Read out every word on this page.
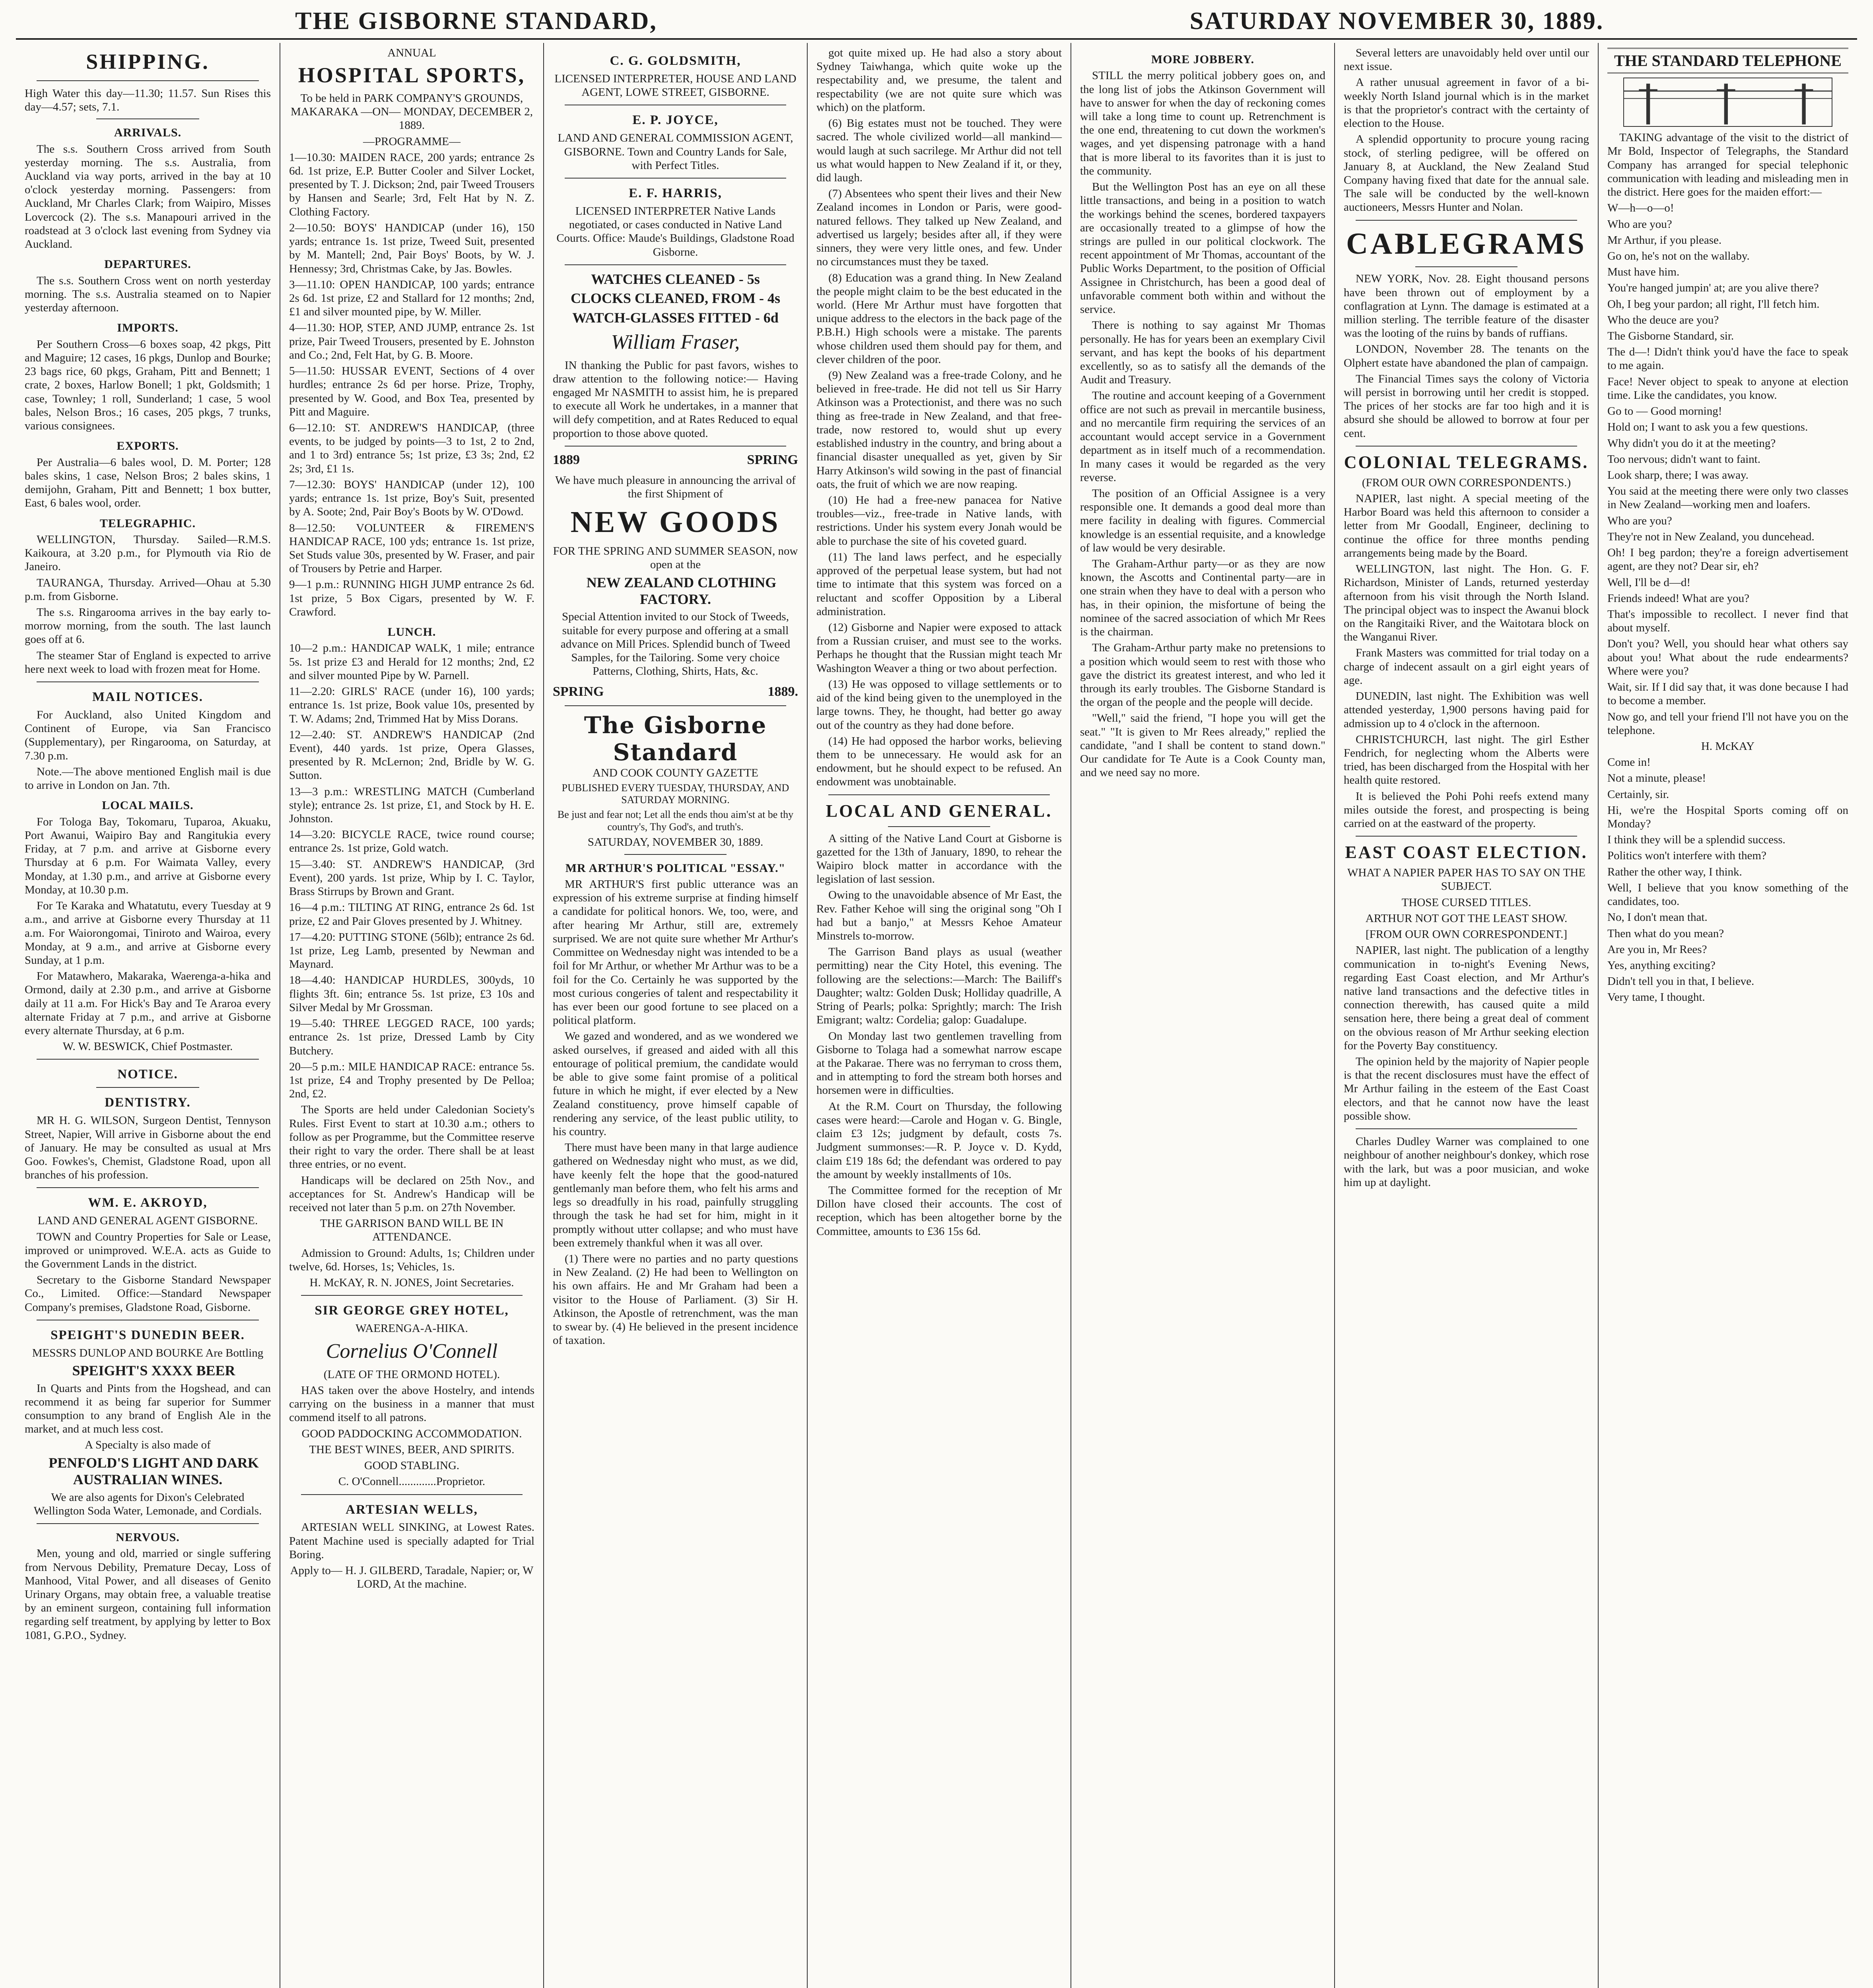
THE GISBORNE STANDARD,	SATURDAY NOVEMBER 30, 1889.
SHIPPING.

High Water this day—11.30; 11.57. Sun Rises this day—4.57; sets, 7.1.

ARRIVALS.

The s.s. Southern Cross arrived from South yesterday morning. The s.s. Australia, from Auckland via way ports, arrived in the bay at 10 o'clock yesterday morning. Passengers: from Auckland, Mr Charles Clark; from Waipiro, Misses Lovercock (2). The s.s. Manapouri arrived in the roadstead at 3 o'clock last evening from Sydney via Auckland.

DEPARTURES.

The s.s. Southern Cross went on north yesterday morning. The s.s. Australia steamed on to Napier yesterday afternoon.

IMPORTS.

Per Southern Cross—6 boxes soap, 42 pkgs, Pitt and Maguire; 12 cases, 16 pkgs, Dunlop and Bourke; 23 bags rice, 60 pkgs, Graham, Pitt and Bennett; 1 crate, 2 boxes, Harlow Bonell; 1 pkt, Goldsmith; 1 case, Townley; 1 roll, Sunderland; 1 case, 5 wool bales, Nelson Bros.; 16 cases, 205 pkgs, 7 trunks, various consignees.

EXPORTS.

Per Australia—6 bales wool, D. M. Porter; 128 bales skins, 1 case, Nelson Bros; 2 bales skins, 1 demijohn, Graham, Pitt and Bennett; 1 box butter, East, 6 bales wool, order.

TELEGRAPHIC.

WELLINGTON, Thursday. Sailed—R.M.S. Kaikoura, at 3.20 p.m., for Plymouth via Rio de Janeiro.

TAURANGA, Thursday. Arrived—Ohau at 5.30 p.m. from Gisborne.

The s.s. Ringarooma arrives in the bay early to-morrow morning, from the south. The last launch goes off at 6.

The steamer Star of England is expected to arrive here next week to load with frozen meat for Home.

MAIL NOTICES.

For Auckland, also United Kingdom and Continent of Europe, via San Francisco (Supplementary), per Ringarooma, on Saturday, at 7.30 p.m.

Note.—The above mentioned English mail is due to arrive in London on Jan. 7th.

LOCAL MAILS.

For Tologa Bay, Tokomaru, Tuparoa, Akuaku, Port Awanui, Waipiro Bay and Rangitukia every Friday, at 7 p.m. and arrive at Gisborne every Thursday at 6 p.m. For Waimata Valley, every Monday, at 1.30 p.m., and arrive at Gisborne every Monday, at 10.30 p.m.

For Te Karaka and Whatatutu, every Tuesday at 9 a.m., and arrive at Gisborne every Thursday at 11 a.m. For Waiorongomai, Tiniroto and Wairoa, every Monday, at 9 a.m., and arrive at Gisborne every Sunday, at 1 p.m.

For Matawhero, Makaraka, Waerenga-a-hika and Ormond, daily at 2.30 p.m., and arrive at Gisborne daily at 11 a.m. For Hick's Bay and Te Araroa every alternate Friday at 7 p.m., and arrive at Gisborne every alternate Thursday, at 6 p.m.

W. W. BESWICK, Chief Postmaster.

NOTICE.
DENTISTRY.

MR H. G. WILSON, Surgeon Dentist, Tennyson Street, Napier, Will arrive in Gisborne about the end of January. He may be consulted as usual at Mrs Goo. Fowkes's, Chemist, Gladstone Road, upon all branches of his profession.

WM. E. AKROYD,

LAND AND GENERAL AGENT GISBORNE.

TOWN and Country Properties for Sale or Lease, improved or unimproved. W.E.A. acts as Guide to the Government Lands in the district.

Secretary to the Gisborne Standard Newspaper Co., Limited. Office:—Standard Newspaper Company's premises, Gladstone Road, Gisborne.

SPEIGHT'S DUNEDIN BEER.

MESSRS DUNLOP AND BOURKE Are Bottling

SPEIGHT'S XXXX BEER

In Quarts and Pints from the Hogshead, and can recommend it as being far superior for Summer consumption to any brand of English Ale in the market, and at much less cost.

A Specialty is also made of

PENFOLD'S LIGHT AND DARK AUSTRALIAN WINES.

We are also agents for Dixon's Celebrated Wellington Soda Water, Lemonade, and Cordials.

NERVOUS.

Men, young and old, married or single suffering from Nervous Debility, Premature Decay, Loss of Manhood, Vital Power, and all diseases of Genito Urinary Organs, may obtain free, a valuable treatise by an eminent surgeon, containing full information regarding self treatment, by applying by letter to Box 1081, G.P.O., Sydney.

ANNUAL

HOSPITAL SPORTS,

To be held in PARK COMPANY'S GROUNDS, MAKARAKA —ON— MONDAY, DECEMBER 2, 1889.

—PROGRAMME—

1—10.30: MAIDEN RACE, 200 yards; entrance 2s 6d. 1st prize, E.P. Butter Cooler and Silver Locket, presented by T. J. Dickson; 2nd, pair Tweed Trousers by Hansen and Searle; 3rd, Felt Hat by N. Z. Clothing Factory.

2—10.50: BOYS' HANDICAP (under 16), 150 yards; entrance 1s. 1st prize, Tweed Suit, presented by M. Mantell; 2nd, Pair Boys' Boots, by W. J. Hennessy; 3rd, Christmas Cake, by Jas. Bowles.

3—11.10: OPEN HANDICAP, 100 yards; entrance 2s 6d. 1st prize, £2 and Stallard for 12 months; 2nd, £1 and silver mounted pipe, by W. Miller.

4—11.30: HOP, STEP, AND JUMP, entrance 2s. 1st prize, Pair Tweed Trousers, presented by E. Johnston and Co.; 2nd, Felt Hat, by G. B. Moore.

5—11.50: HUSSAR EVENT, Sections of 4 over hurdles; entrance 2s 6d per horse. Prize, Trophy, presented by W. Good, and Box Tea, presented by Pitt and Maguire.

6—12.10: ST. ANDREW'S HANDICAP, (three events, to be judged by points—3 to 1st, 2 to 2nd, and 1 to 3rd) entrance 5s; 1st prize, £3 3s; 2nd, £2 2s; 3rd, £1 1s.

7—12.30: BOYS' HANDICAP (under 12), 100 yards; entrance 1s. 1st prize, Boy's Suit, presented by A. Soote; 2nd, Pair Boy's Boots by W. O'Dowd.

8—12.50: VOLUNTEER & FIREMEN'S HANDICAP RACE, 100 yds; entrance 1s. 1st prize, Set Studs value 30s, presented by W. Fraser, and pair of Trousers by Petrie and Harper.

9—1 p.m.: RUNNING HIGH JUMP entrance 2s 6d. 1st prize, 5 Box Cigars, presented by W. F. Crawford.

LUNCH.

10—2 p.m.: HANDICAP WALK, 1 mile; entrance 5s. 1st prize £3 and Herald for 12 months; 2nd, £2 and silver mounted Pipe by W. Parnell.

11—2.20: GIRLS' RACE (under 16), 100 yards; entrance 1s. 1st prize, Book value 10s, presented by T. W. Adams; 2nd, Trimmed Hat by Miss Dorans.

12—2.40: ST. ANDREW'S HANDICAP (2nd Event), 440 yards. 1st prize, Opera Glasses, presented by R. McLernon; 2nd, Bridle by W. G. Sutton.

13—3 p.m.: WRESTLING MATCH (Cumberland style); entrance 2s. 1st prize, £1, and Stock by H. E. Johnston.

14—3.20: BICYCLE RACE, twice round course; entrance 2s. 1st prize, Gold watch.

15—3.40: ST. ANDREW'S HANDICAP, (3rd Event), 200 yards. 1st prize, Whip by I. C. Taylor, Brass Stirrups by Brown and Grant.

16—4 p.m.: TILTING AT RING, entrance 2s 6d. 1st prize, £2 and Pair Gloves presented by J. Whitney.

17—4.20: PUTTING STONE (56lb); entrance 2s 6d. 1st prize, Leg Lamb, presented by Newman and Maynard.

18—4.40: HANDICAP HURDLES, 300yds, 10 flights 3ft. 6in; entrance 5s. 1st prize, £3 10s and Silver Medal by Mr Grossman.

19—5.40: THREE LEGGED RACE, 100 yards; entrance 2s. 1st prize, Dressed Lamb by City Butchery.

20—5 p.m.: MILE HANDICAP RACE: entrance 5s. 1st prize, £4 and Trophy presented by De Pelloa; 2nd, £2.

The Sports are held under Caledonian Society's Rules. First Event to start at 10.30 a.m.; others to follow as per Programme, but the Committee reserve their right to vary the order. There shall be at least three entries, or no event.

Handicaps will be declared on 25th Nov., and acceptances for St. Andrew's Handicap will be received not later than 5 p.m. on 27th November.

THE GARRISON BAND WILL BE IN ATTENDANCE.

Admission to Ground: Adults, 1s; Children under twelve, 6d. Horses, 1s; Vehicles, 1s.

H. McKAY, R. N. JONES, Joint Secretaries.

SIR GEORGE GREY HOTEL,

WAERENGA-A-HIKA.

Cornelius O'Connell

(LATE OF THE ORMOND HOTEL).

HAS taken over the above Hostelry, and intends carrying on the business in a manner that must commend itself to all patrons.

GOOD PADDOCKING ACCOMMODATION.

THE BEST WINES, BEER, AND SPIRITS.

GOOD STABLING.

C. O'Connell.............Proprietor.

ARTESIAN WELLS,

ARTESIAN WELL SINKING, at Lowest Rates. Patent Machine used is specially adapted for Trial Boring.

Apply to— H. J. GILBERD, Taradale, Napier; or, W LORD, At the machine.

C. G. GOLDSMITH,

LICENSED INTERPRETER, HOUSE AND LAND AGENT, LOWE STREET, GISBORNE.

E. P. JOYCE,

LAND AND GENERAL COMMISSION AGENT, GISBORNE. Town and Country Lands for Sale, with Perfect Titles.

E. F. HARRIS,

LICENSED INTERPRETER Native Lands negotiated, or cases conducted in Native Land Courts. Office: Maude's Buildings, Gladstone Road Gisborne.

WATCHES CLEANED - 5s

CLOCKS CLEANED, FROM - 4s

WATCH-GLASSES FITTED - 6d

William Fraser,

IN thanking the Public for past favors, wishes to draw attention to the following notice:— Having engaged Mr NASMITH to assist him, he is prepared to execute all Work he undertakes, in a manner that will defy competition, and at Rates Reduced to equal proportion to those above quoted.

1889	SPRING

We have much pleasure in announcing the arrival of the first Shipment of

NEW GOODS

FOR THE SPRING AND SUMMER SEASON, now open at the

NEW ZEALAND CLOTHING FACTORY.

Special Attention invited to our Stock of Tweeds, suitable for every purpose and offering at a small advance on Mill Prices. Splendid bunch of Tweed Samples, for the Tailoring. Some very choice Patterns, Clothing, Shirts, Hats, &c.

SPRING	1889.
The Gisborne Standard

AND COOK COUNTY GAZETTE

PUBLISHED EVERY TUESDAY, THURSDAY, AND SATURDAY MORNING.

Be just and fear not; Let all the ends thou aim'st at be thy country's, Thy God's, and truth's.

SATURDAY, NOVEMBER 30, 1889.

MR ARTHUR'S POLITICAL "ESSAY."

MR ARTHUR'S first public utterance was an expression of his extreme surprise at finding himself a candidate for political honors. We, too, were, and after hearing Mr Arthur, still are, extremely surprised. We are not quite sure whether Mr Arthur's Committee on Wednesday night was intended to be a foil for Mr Arthur, or whether Mr Arthur was to be a foil for the Co. Certainly he was supported by the most curious congeries of talent and respectability it has ever been our good fortune to see placed on a political platform.

We gazed and wondered, and as we wondered we asked ourselves, if greased and aided with all this entourage of political premium, the candidate would be able to give some faint promise of a political future in which he might, if ever elected by a New Zealand constituency, prove himself capable of rendering any service, of the least public utility, to his country.

There must have been many in that large audience gathered on Wednesday night who must, as we did, have keenly felt the hope that the good-natured gentlemanly man before them, who felt his arms and legs so dreadfully in his road, painfully struggling through the task he had set for him, might in it promptly without utter collapse; and who must have been extremely thankful when it was all over.

(1) There were no parties and no party questions in New Zealand. (2) He had been to Wellington on his own affairs. He and Mr Graham had been a visitor to the House of Parliament. (3) Sir H. Atkinson, the Apostle of retrenchment, was the man to swear by. (4) He believed in the present incidence of taxation.

got quite mixed up. He had also a story about Sydney Taiwhanga, which quite woke up the respectability and, we presume, the talent and respectability (we are not quite sure which was which) on the platform.

(6) Big estates must not be touched. They were sacred. The whole civilized world—all mankind—would laugh at such sacrilege. Mr Arthur did not tell us what would happen to New Zealand if it, or they, did laugh.

(7) Absentees who spent their lives and their New Zealand incomes in London or Paris, were good-natured fellows. They talked up New Zealand, and advertised us largely; besides after all, if they were sinners, they were very little ones, and few. Under no circumstances must they be taxed.

(8) Education was a grand thing. In New Zealand the people might claim to be the best educated in the world. (Here Mr Arthur must have forgotten that unique address to the electors in the back page of the P.B.H.) High schools were a mistake. The parents whose children used them should pay for them, and clever children of the poor.

(9) New Zealand was a free-trade Colony, and he believed in free-trade. He did not tell us Sir Harry Atkinson was a Protectionist, and there was no such thing as free-trade in New Zealand, and that free-trade, now restored to, would shut up every established industry in the country, and bring about a financial disaster unequalled as yet, given by Sir Harry Atkinson's wild sowing in the past of financial oats, the fruit of which we are now reaping.

(10) He had a free-new panacea for Native troubles—viz., free-trade in Native lands, with restrictions. Under his system every Jonah would be able to purchase the site of his coveted guard.

(11) The land laws perfect, and he especially approved of the perpetual lease system, but had not time to intimate that this system was forced on a reluctant and scoffer Opposition by a Liberal administration.

(12) Gisborne and Napier were exposed to attack from a Russian cruiser, and must see to the works. Perhaps he thought that the Russian might teach Mr Washington Weaver a thing or two about perfection.

(13) He was opposed to village settlements or to aid of the kind being given to the unemployed in the large towns. They, he thought, had better go away out of the country as they had done before.

(14) He had opposed the harbor works, believing them to be unnecessary. He would ask for an endowment, but he should expect to be refused. An endowment was unobtainable.

LOCAL AND GENERAL.

A sitting of the Native Land Court at Gisborne is gazetted for the 13th of January, 1890, to rehear the Waipiro block matter in accordance with the legislation of last session.

Owing to the unavoidable absence of Mr East, the Rev. Father Kehoe will sing the original song "Oh I had but a banjo," at Messrs Kehoe Amateur Minstrels to-morrow.

The Garrison Band plays as usual (weather permitting) near the City Hotel, this evening. The following are the selections:—March: The Bailiff's Daughter; waltz: Golden Dusk; Holliday quadrille, A String of Pearls; polka: Sprightly; march: The Irish Emigrant; waltz: Cordelia; galop: Guadalupe.

On Monday last two gentlemen travelling from Gisborne to Tolaga had a somewhat narrow escape at the Pakarae. There was no ferryman to cross them, and in attempting to ford the stream both horses and horsemen were in difficulties.

At the R.M. Court on Thursday, the following cases were heard:—Carole and Hogan v. G. Bingle, claim £3 12s; judgment by default, costs 7s. Judgment summonses:—R. P. Joyce v. D. Kydd, claim £19 18s 6d; the defendant was ordered to pay the amount by weekly installments of 10s.

The Committee formed for the reception of Mr Dillon have closed their accounts. The cost of reception, which has been altogether borne by the Committee, amounts to £36 15s 6d.

MORE JOBBERY.

STILL the merry political jobbery goes on, and the long list of jobs the Atkinson Government will have to answer for when the day of reckoning comes will take a long time to count up. Retrenchment is the one end, threatening to cut down the workmen's wages, and yet dispensing patronage with a hand that is more liberal to its favorites than it is just to the community.

But the Wellington Post has an eye on all these little transactions, and being in a position to watch the workings behind the scenes, bordered taxpayers are occasionally treated to a glimpse of how the strings are pulled in our political clockwork. The recent appointment of Mr Thomas, accountant of the Public Works Department, to the position of Official Assignee in Christchurch, has been a good deal of unfavorable comment both within and without the service.

There is nothing to say against Mr Thomas personally. He has for years been an exemplary Civil servant, and has kept the books of his department excellently, so as to satisfy all the demands of the Audit and Treasury.

The routine and account keeping of a Government office are not such as prevail in mercantile business, and no mercantile firm requiring the services of an accountant would accept service in a Government department as in itself much of a recommendation. In many cases it would be regarded as the very reverse.

The position of an Official Assignee is a very responsible one. It demands a good deal more than mere facility in dealing with figures. Commercial knowledge is an essential requisite, and a knowledge of law would be very desirable.

The Graham-Arthur party—or as they are now known, the Ascotts and Continental party—are in one strain when they have to deal with a person who has, in their opinion, the misfortune of being the nominee of the sacred association of which Mr Rees is the chairman.

The Graham-Arthur party make no pretensions to a position which would seem to rest with those who gave the district its greatest interest, and who led it through its early troubles. The Gisborne Standard is the organ of the people and the people will decide.

"Well," said the friend, "I hope you will get the seat." "It is given to Mr Rees already," replied the candidate, "and I shall be content to stand down." Our candidate for Te Aute is a Cook County man, and we need say no more.

Several letters are unavoidably held over until our next issue.

A rather unusual agreement in favor of a bi-weekly North Island journal which is in the market is that the proprietor's contract with the certainty of election to the House.

A splendid opportunity to procure young racing stock, of sterling pedigree, will be offered on January 8, at Auckland, the New Zealand Stud Company having fixed that date for the annual sale. The sale will be conducted by the well-known auctioneers, Messrs Hunter and Nolan.

CABLEGRAMS

NEW YORK, Nov. 28. Eight thousand persons have been thrown out of employment by a conflagration at Lynn. The damage is estimated at a million sterling. The terrible feature of the disaster was the looting of the ruins by bands of ruffians.

LONDON, November 28. The tenants on the Olphert estate have abandoned the plan of campaign.

The Financial Times says the colony of Victoria will persist in borrowing until her credit is stopped. The prices of her stocks are far too high and it is absurd she should be allowed to borrow at four per cent.

COLONIAL TELEGRAMS.

(FROM OUR OWN CORRESPONDENTS.)

NAPIER, last night. A special meeting of the Harbor Board was held this afternoon to consider a letter from Mr Goodall, Engineer, declining to continue the office for three months pending arrangements being made by the Board.

WELLINGTON, last night. The Hon. G. F. Richardson, Minister of Lands, returned yesterday afternoon from his visit through the North Island. The principal object was to inspect the Awanui block on the Rangitaiki River, and the Waitotara block on the Wanganui River.

Frank Masters was committed for trial today on a charge of indecent assault on a girl eight years of age.

DUNEDIN, last night. The Exhibition was well attended yesterday, 1,900 persons having paid for admission up to 4 o'clock in the afternoon.

CHRISTCHURCH, last night. The girl Esther Fendrich, for neglecting whom the Alberts were tried, has been discharged from the Hospital with her health quite restored.

It is believed the Pohi Pohi reefs extend many miles outside the forest, and prospecting is being carried on at the eastward of the property.

EAST COAST ELECTION.

WHAT A NAPIER PAPER HAS TO SAY ON THE SUBJECT.

THOSE CURSED TITLES.

ARTHUR NOT GOT THE LEAST SHOW.

[FROM OUR OWN CORRESPONDENT.]

NAPIER, last night. The publication of a lengthy communication in to-night's Evening News, regarding East Coast election, and Mr Arthur's native land transactions and the defective titles in connection therewith, has caused quite a mild sensation here, there being a great deal of comment on the obvious reason of Mr Arthur seeking election for the Poverty Bay constituency.

The opinion held by the majority of Napier people is that the recent disclosures must have the effect of Mr Arthur failing in the esteem of the East Coast electors, and that he cannot now have the least possible show.

Charles Dudley Warner was complained to one neighbour of another neighbour's donkey, which rose with the lark, but was a poor musician, and woke him up at daylight.

THE STANDARD TELEPHONE

TAKING advantage of the visit to the district of Mr Bold, Inspector of Telegraphs, the Standard Company has arranged for special telephonic communication with leading and misleading men in the district. Here goes for the maiden effort:—

W—h—o—o!

Who are you?

Mr Arthur, if you please.

Go on, he's not on the wallaby.

Must have him.

You're hanged jumpin' at; are you alive there?

Oh, I beg your pardon; all right, I'll fetch him.

Who the deuce are you?

The Gisborne Standard, sir.

The d—! Didn't think you'd have the face to speak to me again.

Face! Never object to speak to anyone at election time. Like the candidates, you know.

Go to — Good morning!

Hold on; I want to ask you a few questions.

Why didn't you do it at the meeting?

Too nervous; didn't want to faint.

Look sharp, there; I was away.

You said at the meeting there were only two classes in New Zealand—working men and loafers.

Who are you?

They're not in New Zealand, you duncehead.

Oh! I beg pardon; they're a foreign advertisement agent, are they not? Dear sir, eh?

Well, I'll be d—d!

Friends indeed! What are you?

That's impossible to recollect. I never find that about myself.

Don't you? Well, you should hear what others say about you! What about the rude endearments? Where were you?

Wait, sir. If I did say that, it was done because I had to become a member.

Now go, and tell your friend I'll not have you on the telephone.

H. McKAY

Come in!

Not a minute, please!

Certainly, sir.

Hi, we're the Hospital Sports coming off on Monday?

I think they will be a splendid success.

Politics won't interfere with them?

Rather the other way, I think.

Well, I believe that you know something of the candidates, too.

No, I don't mean that.

Then what do you mean?

Are you in, Mr Rees?

Yes, anything exciting?

Didn't tell you in that, I believe.

Very tame, I thought.
